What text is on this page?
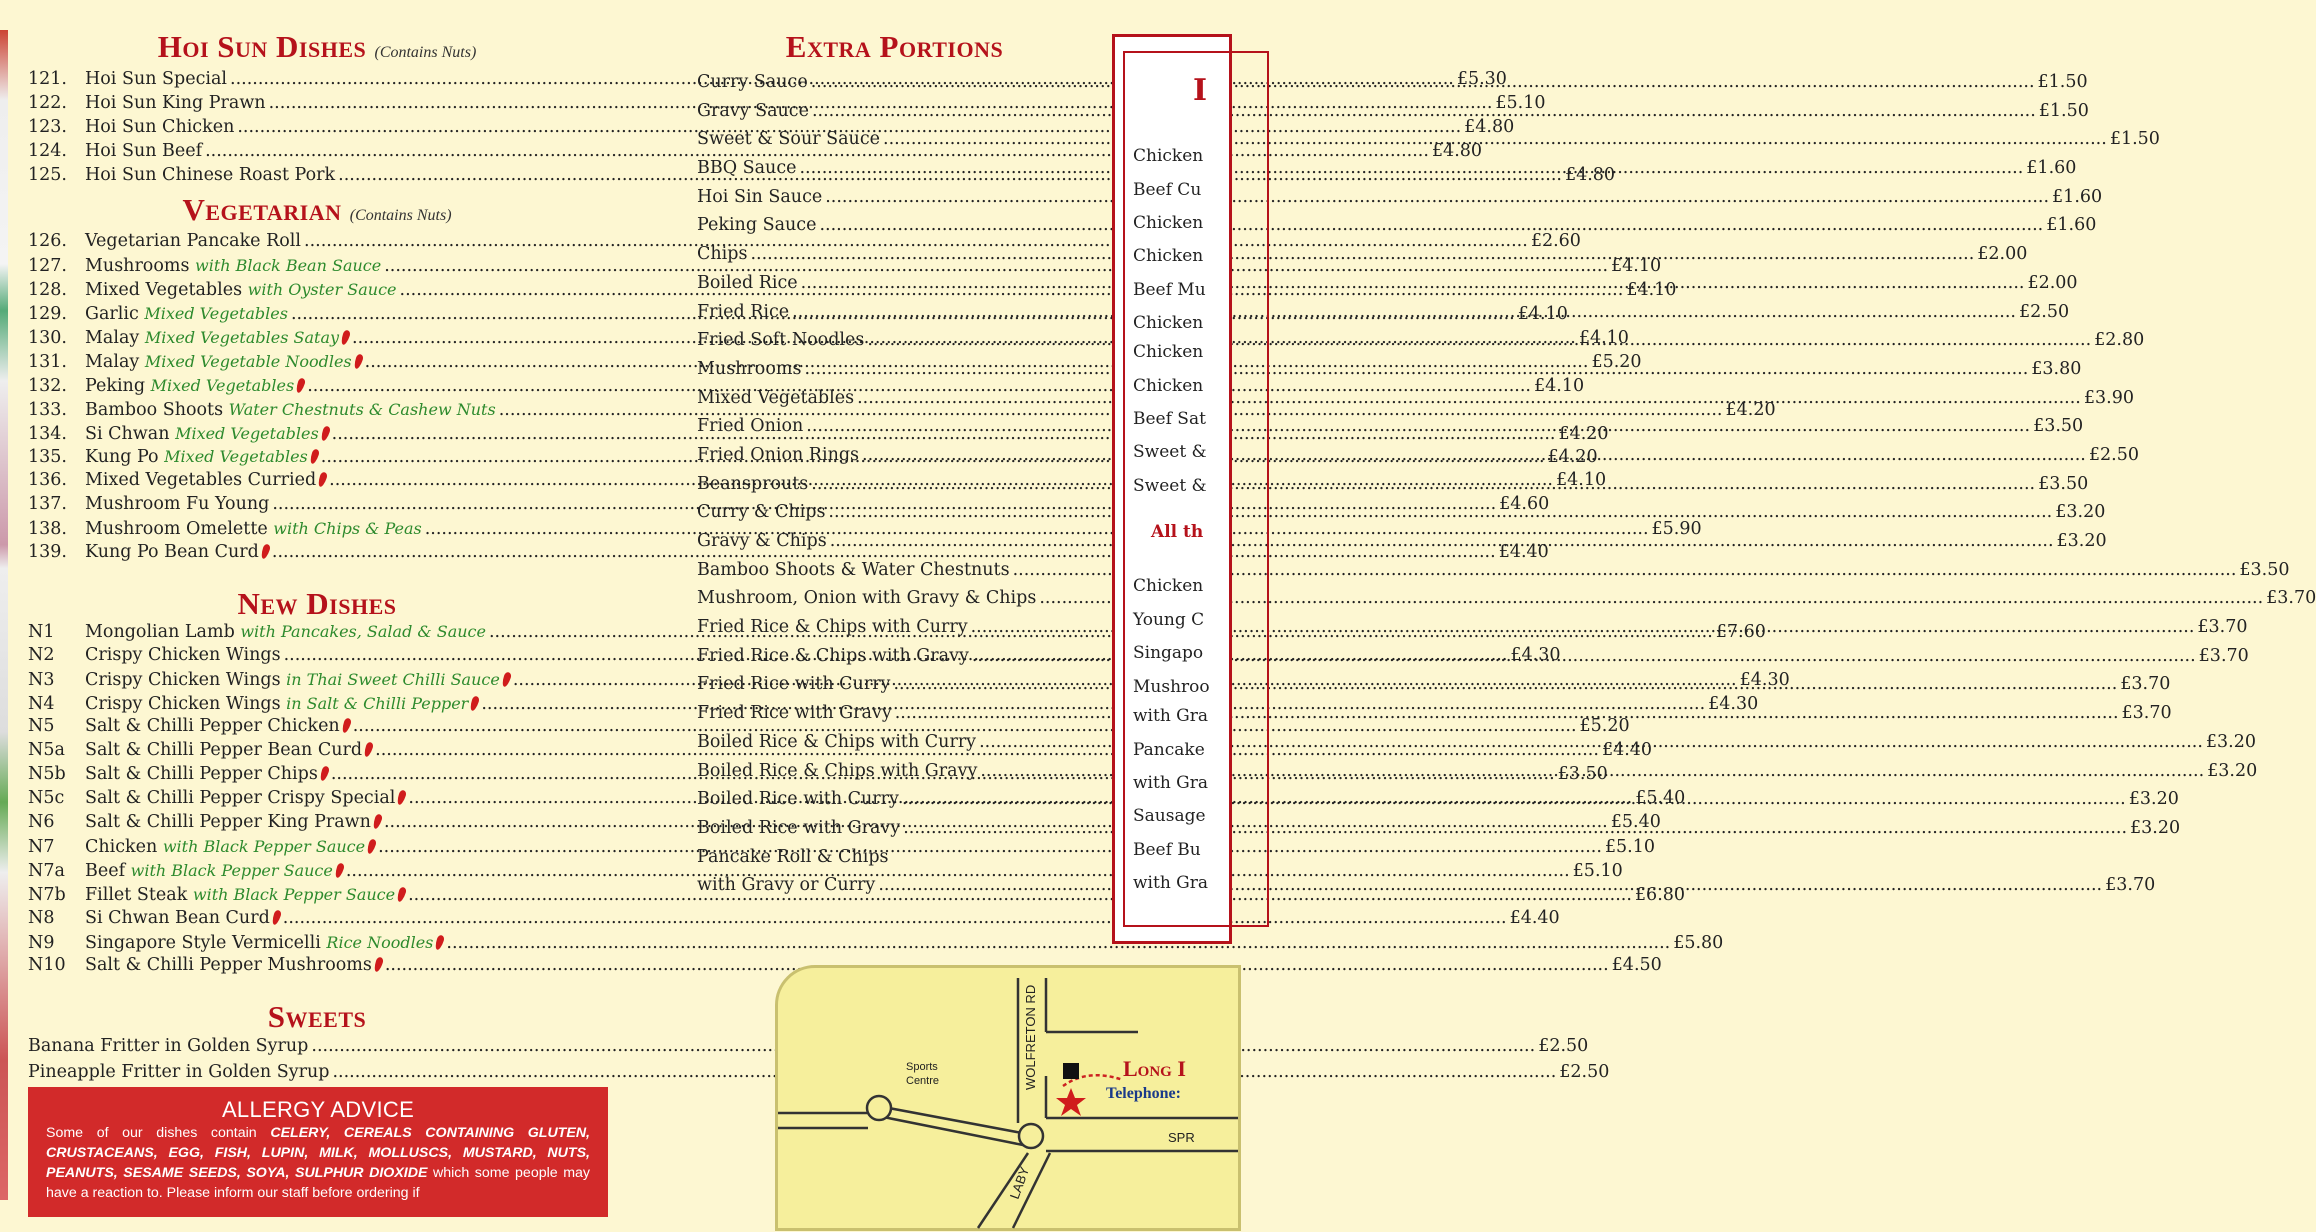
Hoi Sun Dishes (Contains Nuts)
121.	Hoi Sun Special .....	£5.30
122.	Hoi Sun King Prawn .....	£5.10
123.	Hoi Sun Chicken .....	£4.80
124.	Hoi Sun Beef .....	£4.80
125.	Hoi Sun Chinese Roast Pork .....	£4.80
Vegetarian (Contains Nuts)
126.	Vegetarian Pancake Roll .....	£2.60
127.	Mushrooms with Black Bean Sauce .....	£4.10
128.	Mixed Vegetables with Oyster Sauce .....	£4.10
129.	Garlic Mixed Vegetables .....	£4.10
130.	Malay Mixed Vegetables Satay .....	£4.10
131.	Malay Mixed Vegetable Noodles .....	£5.20
132.	Peking Mixed Vegetables .....	£4.10
133.	Bamboo Shoots Water Chestnuts & Cashew Nuts .....	£4.20
134.	Si Chwan Mixed Vegetables .....	£4.20
135.	Kung Po Mixed Vegetables .....	£4.20
136.	Mixed Vegetables Curried .....	£4.10
137.	Mushroom Fu Young .....	£4.60
138.	Mushroom Omelette with Chips & Peas .....	£5.90
139.	Kung Po Bean Curd .....	£4.40
New Dishes
N1	Mongolian Lamb with Pancakes, Salad & Sauce .....	£7.60
N2	Crispy Chicken Wings .....	£4.30
N3	Crispy Chicken Wings in Thai Sweet Chilli Sauce .....	£4.30
N4	Crispy Chicken Wings in Salt & Chilli Pepper .....	£4.30
N5	Salt & Chilli Pepper Chicken .....	£5.20
N5a	Salt & Chilli Pepper Bean Curd .....	£4.40
N5b	Salt & Chilli Pepper Chips .....	£3.50
N5c	Salt & Chilli Pepper Crispy Special .....	£5.40
N6	Salt & Chilli Pepper King Prawn .....	£5.40
N7	Chicken with Black Pepper Sauce .....	£5.10
N7a	Beef with Black Pepper Sauce .....	£5.10
N7b	Fillet Steak with Black Pepper Sauce .....	£6.80
N8	Si Chwan Bean Curd .....	£4.40
N9	Singapore Style Vermicelli Rice Noodles .....	£5.80
N10	Salt & Chilli Pepper Mushrooms .....	£4.50
Sweets
Banana Fritter in Golden Syrup .....	£2.50
Pineapple Fritter in Golden Syrup .....	£2.50
ALLERGY ADVICE
Some of our dishes contain CELERY, CEREALS CONTAINING GLUTEN, CRUSTACEANS, EGG, FISH, LUPIN, MILK, MOLLUSCS, MUSTARD, NUTS, PEANUTS, SESAME SEEDS, SOYA, SULPHUR DIOXIDE which some people may have a reaction to. Please inform our staff before ordering if
Extra Portions
Curry Sauce .....	£1.50
Gravy Sauce .....	£1.50
Sweet & Sour Sauce .....	£1.50
BBQ Sauce .....	£1.60
Hoi Sin Sauce .....	£1.60
Peking Sauce .....	£1.60
Chips .....	£2.00
Boiled Rice .....	£2.00
Fried Rice .....	£2.50
Fried Soft Noodles .....	£2.80
Mushrooms .....	£3.80
Mixed Vegetables .....	£3.90
Fried Onion .....	£3.50
Fried Onion Rings .....	£2.50
Beansprouts .....	£3.50
Curry & Chips .....	£3.20
Gravy & Chips .....	£3.20
Bamboo Shoots & Water Chestnuts .....	£3.50
Mushroom, Onion with Gravy & Chips .....	£3.70
Fried Rice & Chips with Curry .....	£3.70
Fried Rice & Chips with Gravy .....	£3.70
Fried Rice with Curry .....	£3.70
Fried Rice with Gravy .....	£3.70
Boiled Rice & Chips with Curry .....	£3.20
Boiled Rice & Chips with Gravy .....	£3.20
Boiled Rice with Curry .....	£3.20
Boiled Rice with Gravy .....	£3.20
Pancake Roll & Chips
with Gravy or Curry .....	£3.70
I
Chicken
Beef Cu
Chicken
Chicken
Beef Mu
Chicken
Chicken
Chicken
Beef Sat
Sweet &
Sweet &
All th
Chicken
Young C
Singapo
Mushroo
with Gra
Pancake
with Gra
Sausage
Beef Bu
with Gra
Sports
Centre	WOLFRETON RD
LABY
SPR
Long I
Telephone:
